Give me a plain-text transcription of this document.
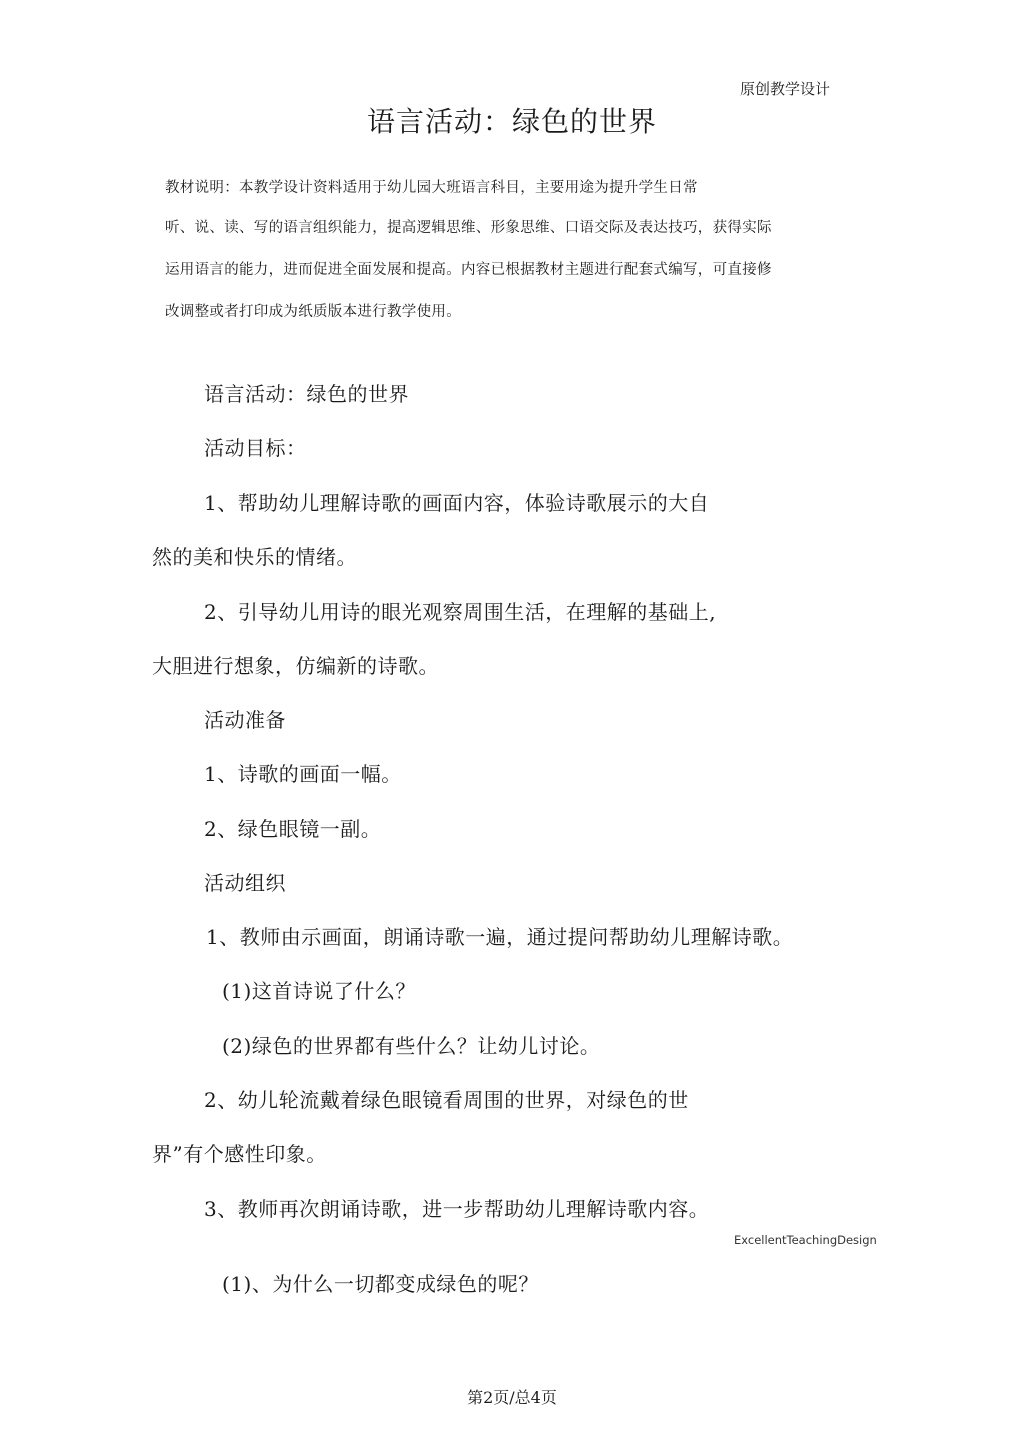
原创教学设计
语言活动：绿色的世界
教材说明：本教学设计资料适用于幼儿园大班语言科目，主要用途为提升学生日常
听、说、读、写的语言组织能力，提高逻辑思维、形象思维、口语交际及表达技巧，获得实际
运用语言的能力，进而促进全面发展和提高。内容已根据教材主题进行配套式编写，可直接修
改调整或者打印成为纸质版本进行教学使用。
语言活动：绿色的世界
活动目标：
1、帮助幼儿理解诗歌的画面内容，体验诗歌展示的大自
然的美和快乐的情绪。
2、引导幼儿用诗的眼光观察周围生活，在理解的基础上,
大胆进行想象，仿编新的诗歌。
活动准备
1、诗歌的画面一幅。
2、绿色眼镜一副。
活动组织
1、教师由示画面，朗诵诗歌一遍，通过提问帮助幼儿理解诗歌。
(1)这首诗说了什么？
(2)绿色的世界都有些什么？让幼儿讨论。
2、幼儿轮流戴着绿色眼镜看周围的世界，对绿色的世
界”有个感性印象。
3、教师再次朗诵诗歌，进一步帮助幼儿理解诗歌内容。
ExcellentTeachingDesign
(1)、为什么一切都变成绿色的呢？
第2页/总4页
